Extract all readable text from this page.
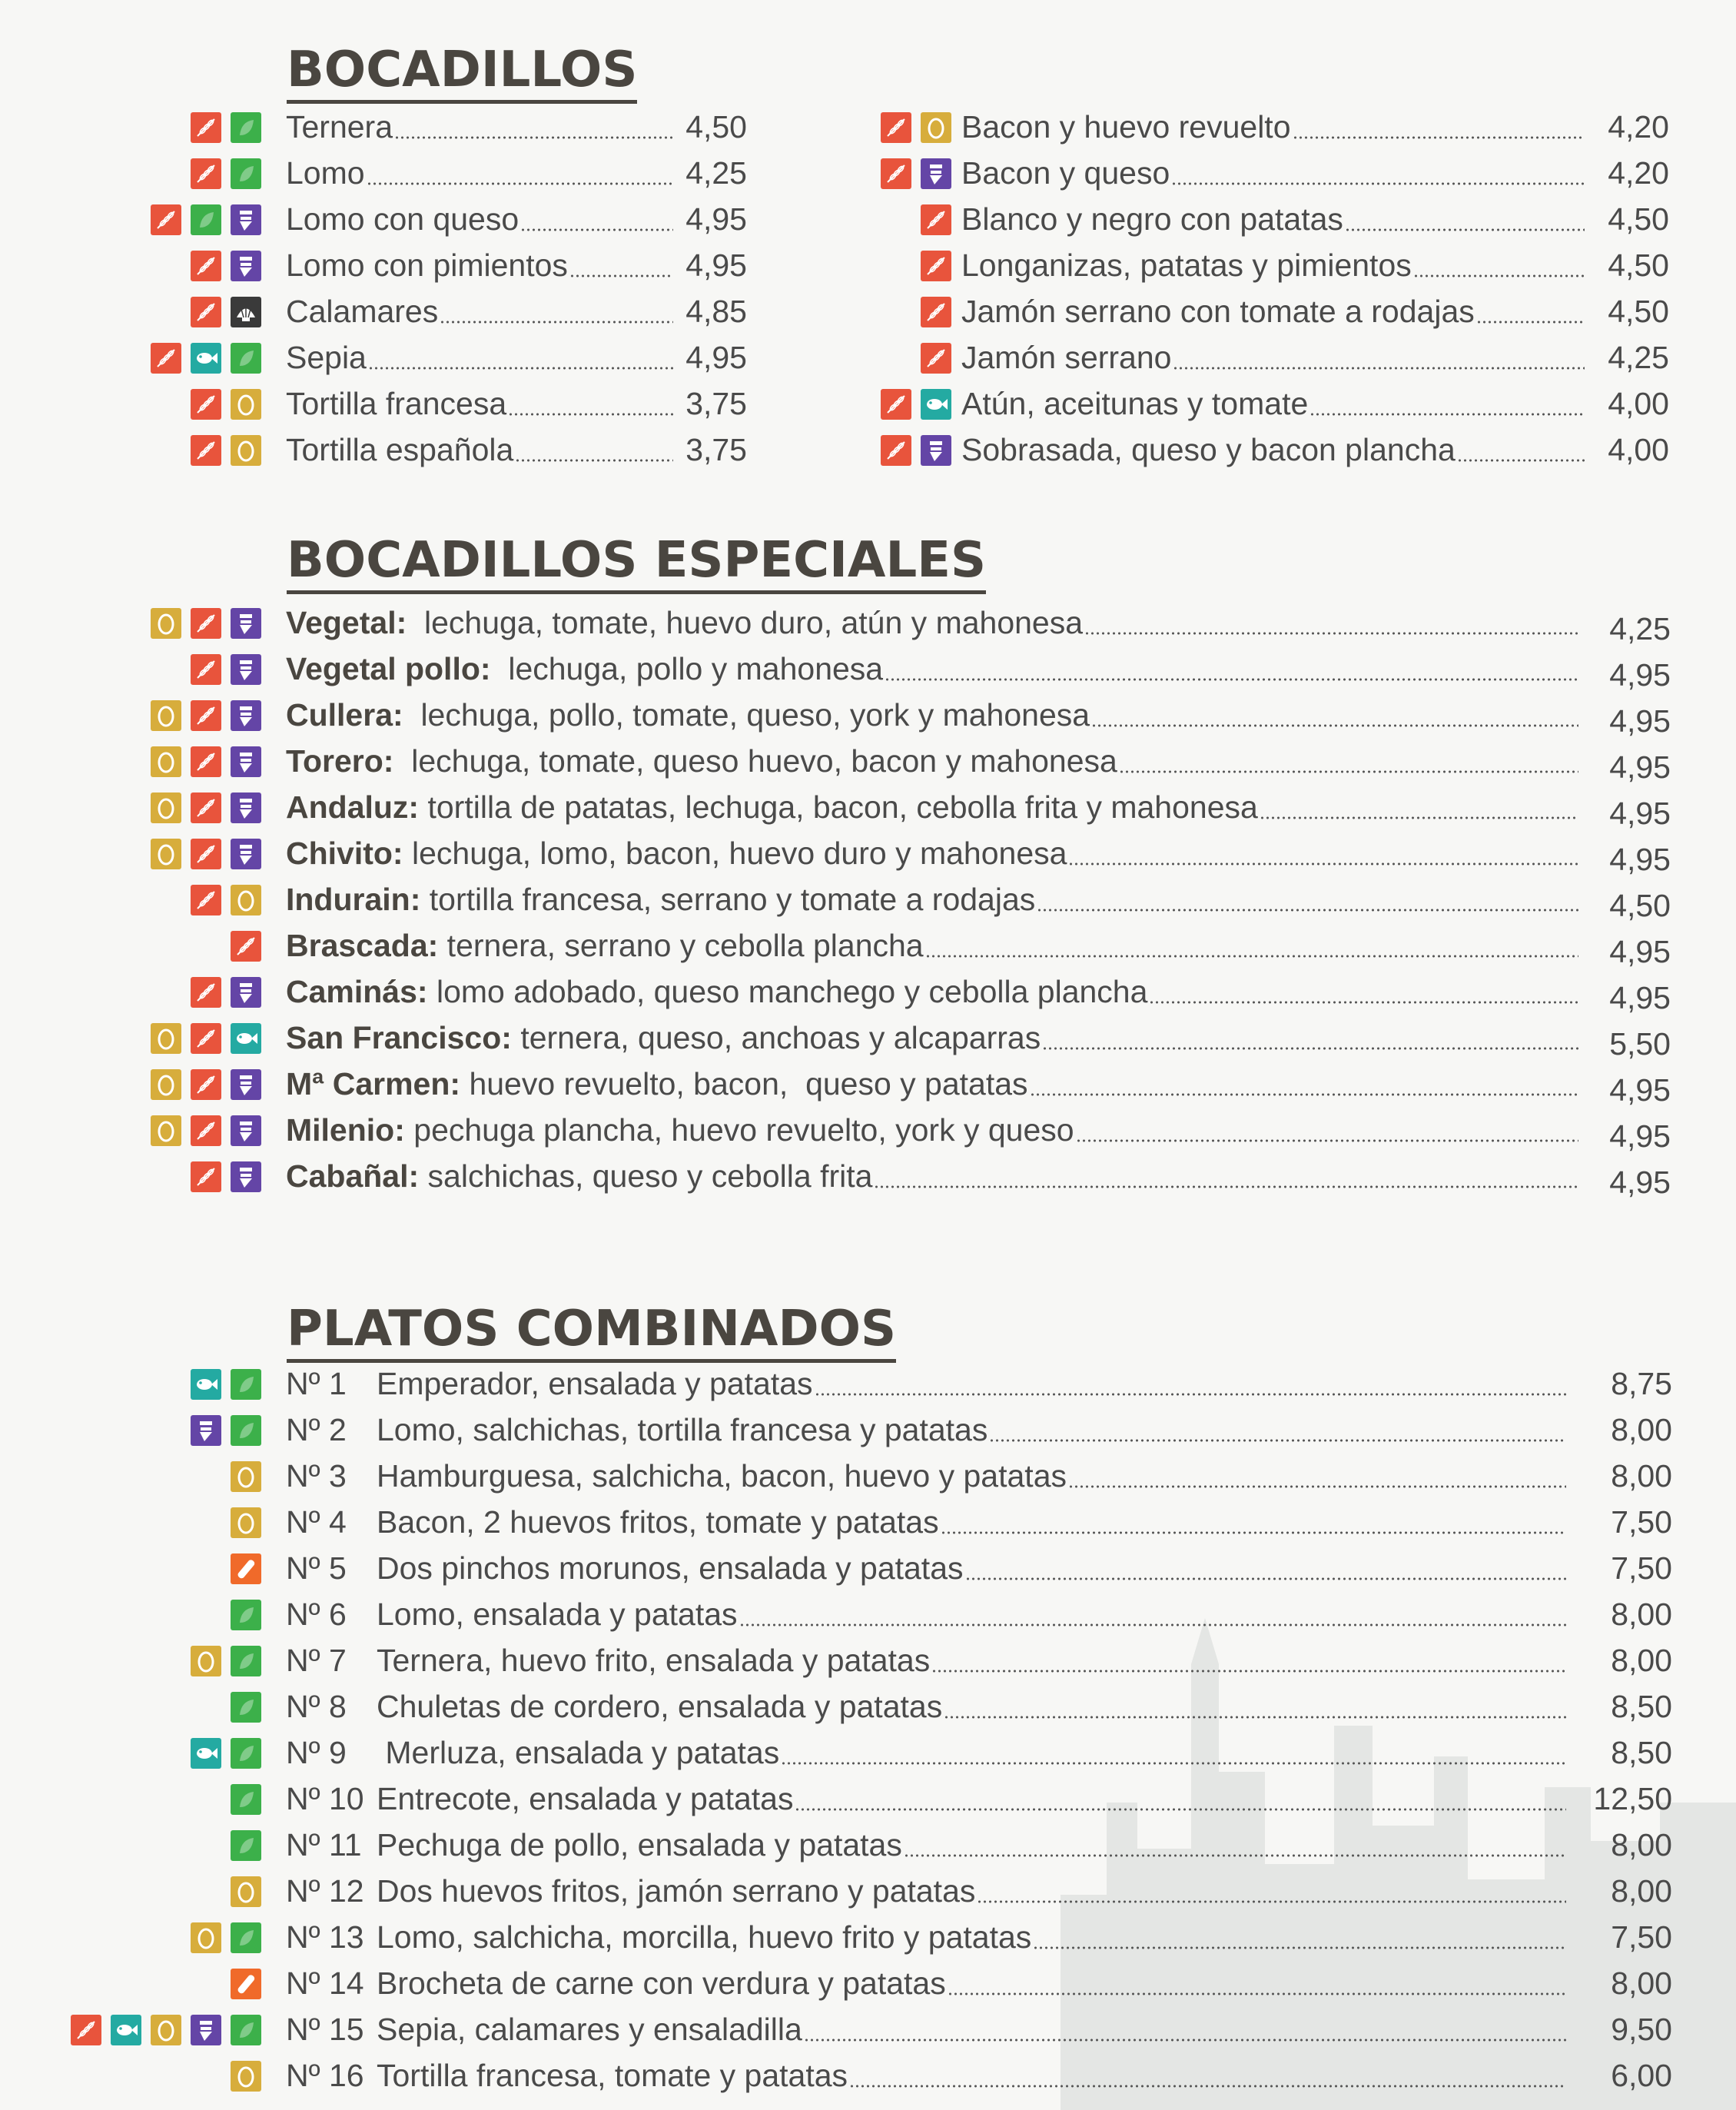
BOCADILLOS
Ternera	4,50
Lomo	4,25
Lomo con queso	4,95
Lomo con pimientos	4,95
Calamares	4,85
Sepia	4,95
Tortilla francesa	3,75
Tortilla española	3,75
Bacon y huevo revuelto	4,20
Bacon y queso	4,20
Blanco y negro con patatas	4,50
Longanizas, patatas y pimientos	4,50
Jamón serrano con tomate a rodajas	4,50
Jamón serrano	4,25
Atún, aceitunas y tomate	4,00
Sobrasada, queso y bacon plancha	4,00
BOCADILLOS ESPECIALES
Vegetal:  lechuga, tomate, huevo duro, atún y mahonesa	4,25
Vegetal pollo:  lechuga, pollo y mahonesa	4,95
Cullera:  lechuga, pollo, tomate, queso, york y mahonesa	4,95
Torero:  lechuga, tomate, queso huevo, bacon y mahonesa	4,95
Andaluz: tortilla de patatas, lechuga, bacon, cebolla frita y mahonesa	4,95
Chivito: lechuga, lomo, bacon, huevo duro y mahonesa	4,95
Indurain: tortilla francesa, serrano y tomate a rodajas	4,50
Brascada: ternera, serrano y cebolla plancha	4,95
Caminás: lomo adobado, queso manchego y cebolla plancha	4,95
San Francisco: ternera, queso, anchoas y alcaparras	5,50
Mª Carmen: huevo revuelto, bacon,  queso y patatas	4,95
Milenio: pechuga plancha, huevo revuelto, york y queso	4,95
Cabañal: salchichas, queso y cebolla frita	4,95
PLATOS COMBINADOS
Nº 1 Emperador, ensalada y patatas	8,75
Nº 2 Lomo, salchichas, tortilla francesa y patatas	8,00
Nº 3 Hamburguesa, salchicha, bacon, huevo y patatas	8,00
Nº 4 Bacon, 2 huevos fritos, tomate y patatas	7,50
Nº 5 Dos pinchos morunos, ensalada y patatas	7,50
Nº 6 Lomo, ensalada y patatas	8,00
Nº 7 Ternera, huevo frito, ensalada y patatas	8,00
Nº 8 Chuletas de cordero, ensalada y patatas	8,50
Nº 9 Merluza, ensalada y patatas	8,50
Nº 10 Entrecote, ensalada y patatas	12,50
Nº 11 Pechuga de pollo, ensalada y patatas	8,00
Nº 12 Dos huevos fritos, jamón serrano y patatas	8,00
Nº 13 Lomo, salchicha, morcilla, huevo frito y patatas	7,50
Nº 14 Brocheta de carne con verdura y patatas	8,00
Nº 15 Sepia, calamares y ensaladilla	9,50
Nº 16 Tortilla francesa, tomate y patatas	6,00
